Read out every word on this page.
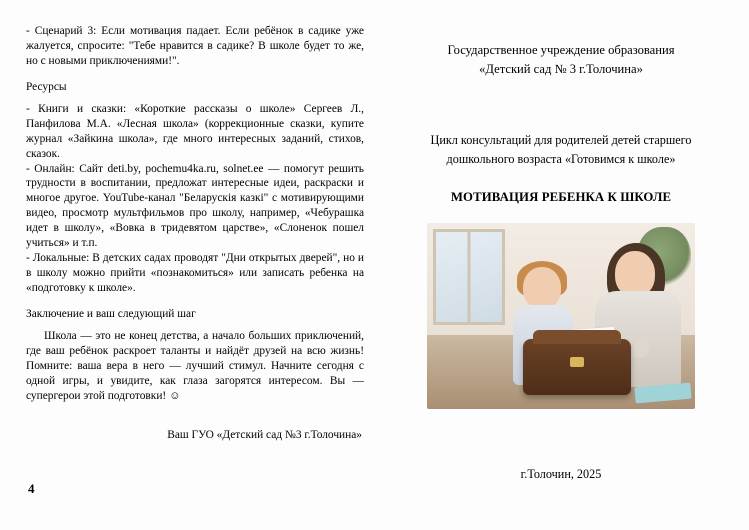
- Сценарий 3: Если мотивация падает. Если ребёнок в садике уже жалуется, спросите: "Тебе нравится в садике? В школе будет то же, но с новыми приключениями!".

Ресурсы

- Книги и сказки: «Короткие рассказы о школе» Сергеев Л., Панфилова М.А. «Лесная школа» (коррекционные сказки, купите журнал «Зайкина школа», где много интересных заданий, стихов, сказок.

- Онлайн: Сайт deti.by, pochemu4ka.ru, solnet.ee — помогут решить трудности в воспитании, предложат интересные идеи, раскраски и многое другое. YouTube-канал "Беларускія казкі" с мотивирующими видео, просмотр мультфильмов про школу, например, «Чебурашка идет в школу», «Вовка в тридевятом царстве», «Слоненок пошел учиться» и т.п.

- Локальные: В детских садах проводят "Дни открытых дверей", но и в школу можно прийти «познакомиться» или записать ребенка на «подготовку к школе».

Заключение и ваш следующий шаг

Школа — это не конец детства, а начало больших приключений, где ваш ребёнок раскроет таланты и найдёт друзей на всю жизнь! Помните: ваша вера в него — лучший стимул. Начните сегодня с одной игры, и увидите, как глаза загорятся интересом. Вы — супергерои этой подготовки! ☺

Ваш ГУО «Детский сад №3 г.Толочина»

4

Государственное учреждение образования

«Детский сад № 3 г.Толочина»

Цикл консультаций для родителей детей старшего

дошкольного возраста «Готовимся к школе»

МОТИВАЦИЯ РЕБЕНКА К ШКОЛЕ

г.Толочин, 2025
